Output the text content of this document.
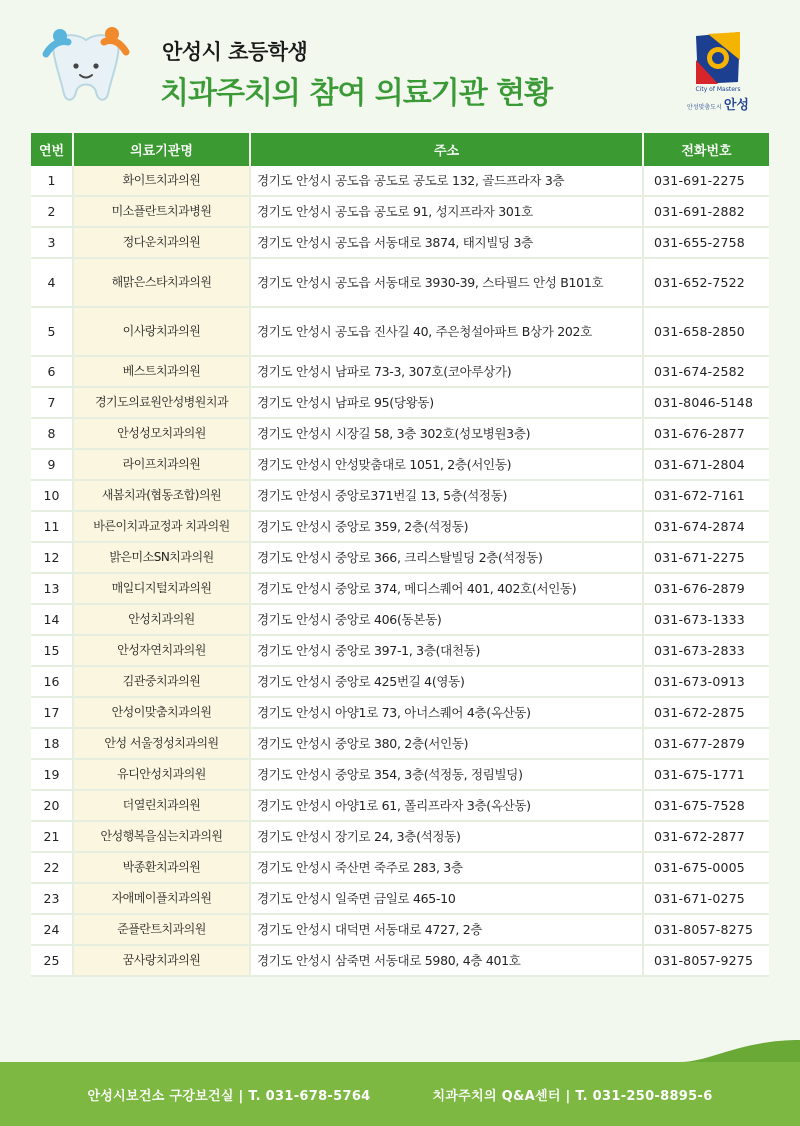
안성시 초등학생
치과주치의 참여 의료기관 현황	City of Masters
안성맞춤도시 안성
연번	의료기관명	주소	전화번호
1	화이트치과의원	경기도 안성시 공도읍 공도로 공도로 132, 골드프라자 3층	031-691-2275
2	미소플란트치과병원	경기도 안성시 공도읍 공도로 91, 성지프라자 301호	031-691-2882
3	정다운치과의원	경기도 안성시 공도읍 서동대로 3874, 태지빌딩 3층	031-655-2758
4	해맑은스타치과의원	경기도 안성시 공도읍 서동대로 3930-39, 스타필드 안성 B101호	031-652-7522
5	이사랑치과의원	경기도 안성시 공도읍 진사길 40, 주은청설아파트 B상가 202호	031-658-2850
6	베스트치과의원	경기도 안성시 남파로 73-3, 307호(코아루상가)	031-674-2582
7	경기도의료원안성병원치과	경기도 안성시 남파로 95(당왕동)	031-8046-5148
8	안성성모치과의원	경기도 안성시 시장길 58, 3층 302호(성모병원3층)	031-676-2877
9	라이프치과의원	경기도 안성시 안성맞춤대로 1051, 2층(서인동)	031-671-2804
10	새봄치과(협동조합)의원	경기도 안성시 중앙로371번길 13, 5층(석정동)	031-672-7161
11	바른이치과교정과 치과의원	경기도 안성시 중앙로 359, 2층(석정동)	031-674-2874
12	밝은미소SN치과의원	경기도 안성시 중앙로 366, 크리스탈빌딩 2층(석정동)	031-671-2275
13	매일디지털치과의원	경기도 안성시 중앙로 374, 메디스퀘어 401, 402호(서인동)	031-676-2879
14	안성치과의원	경기도 안성시 중앙로 406(동본동)	031-673-1333
15	안성자연치과의원	경기도 안성시 중앙로 397-1, 3층(대천동)	031-673-2833
16	김관중치과의원	경기도 안성시 중앙로 425번길 4(영동)	031-673-0913
17	안성이맞춤치과의원	경기도 안성시 아양1로 73, 아너스퀘어 4층(옥산동)	031-672-2875
18	안성 서울정성치과의원	경기도 안성시 중앙로 380, 2층(서인동)	031-677-2879
19	유디안성치과의원	경기도 안성시 중앙로 354, 3층(석정동, 정림빌딩)	031-675-1771
20	더열린치과의원	경기도 안성시 아양1로 61, 폴리프라자 3층(옥산동)	031-675-7528
21	안성행복을심는치과의원	경기도 안성시 장기로 24, 3층(석정동)	031-672-2877
22	박종환치과의원	경기도 안성시 죽산면 죽주로 283, 3층	031-675-0005
23	자애메이플치과의원	경기도 안성시 일죽면 금일로 465-10	031-671-0275
24	준플란트치과의원	경기도 안성시 대덕면 서동대로 4727, 2층	031-8057-8275
25	꿈사랑치과의원	경기도 안성시 삼죽면 서동대로 5980, 4층 401호	031-8057-9275
안성시보건소 구강보건실 | T. 031-678-5764	치과주치의 Q&A센터 | T. 031-250-8895-6
